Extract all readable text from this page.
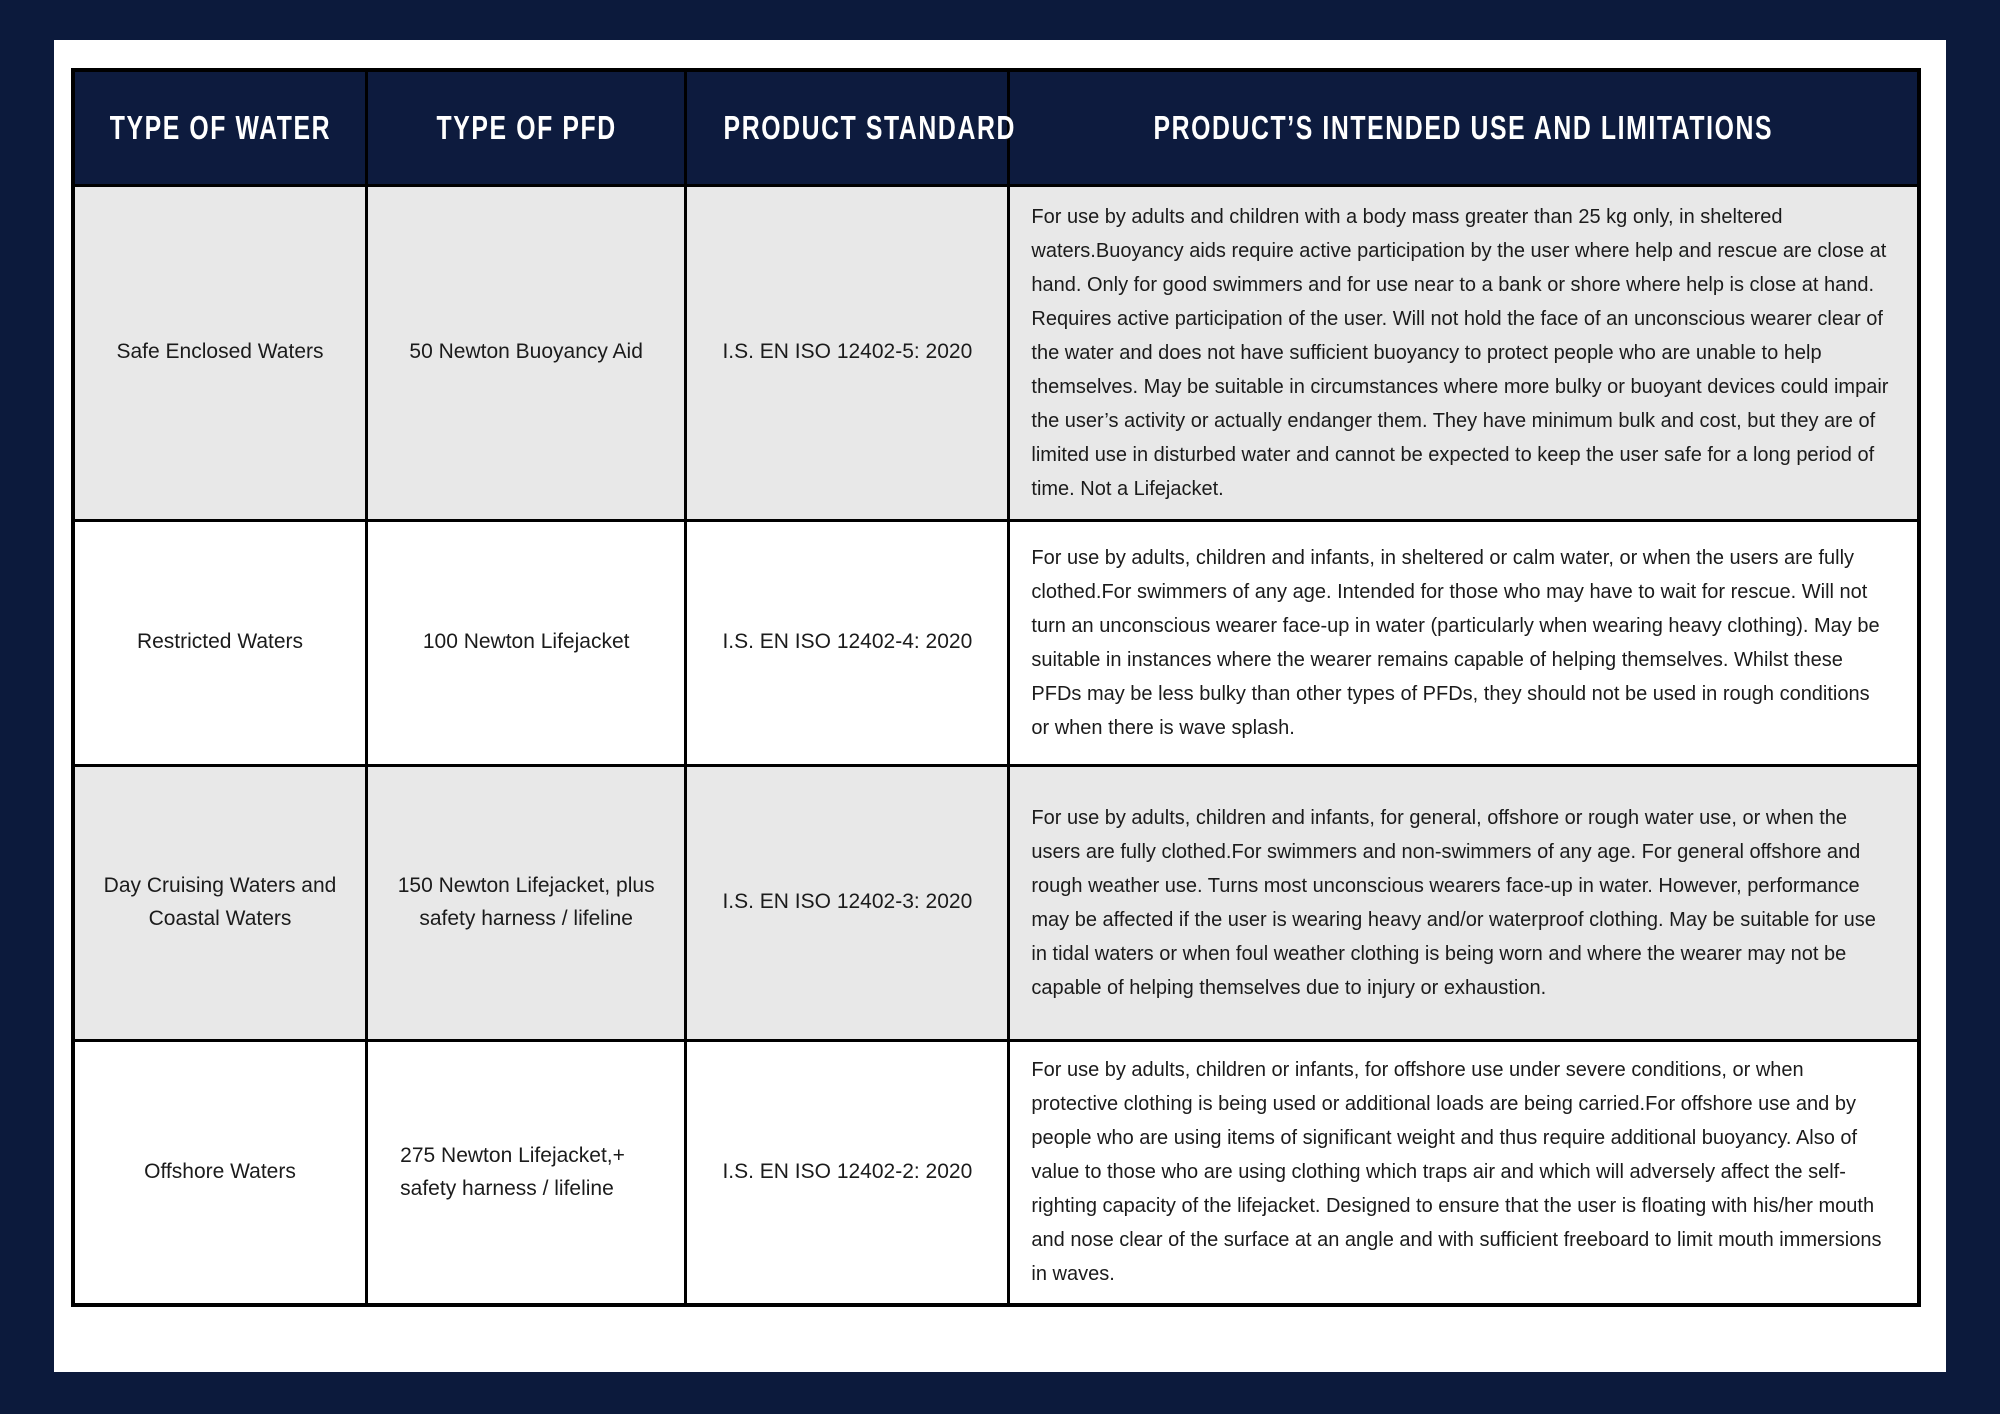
TYPE OF WATER	TYPE OF PFD	PRODUCT STANDARD	PRODUCT’S INTENDED USE AND LIMITATIONS
Safe Enclosed Waters	50 Newton Buoyancy Aid	I.S. EN ISO 12402-5: 2020	For use by adults and children with a body mass greater than 25 kg only, in sheltered waters.Buoyancy aids require active participation by the user where help and rescue are close at hand. Only for good swimmers and for use near to a bank or shore where help is close at hand. Requires active participation of the user. Will not hold the face of an unconscious wearer clear of the water and does not have sufficient buoyancy to protect people who are unable to help themselves. May be suitable in circumstances where more bulky or buoyant devices could impair the user’s activity or actually endanger them. They have minimum bulk and cost, but they are of limited use in disturbed water and cannot be expected to keep the user safe for a long period of time. Not a Lifejacket.
Restricted Waters	100 Newton Lifejacket	I.S. EN ISO 12402-4: 2020	For use by adults, children and infants, in sheltered or calm water, or when the users are fully clothed.For swimmers of any age. Intended for those who may have to wait for rescue. Will not turn an unconscious wearer face-up in water (particularly when wearing heavy clothing). May be suitable in instances where the wearer remains capable of helping themselves. Whilst these PFDs may be less bulky than other types of PFDs, they should not be used in rough conditions or when there is wave splash.
Day Cruising Waters and Coastal Waters	150 Newton Lifejacket, plus safety harness / lifeline	I.S. EN ISO 12402-3: 2020	For use by adults, children and infants, for general, offshore or rough water use, or when the users are fully clothed.For swimmers and non-swimmers of any age. For general offshore and rough weather use. Turns most unconscious wearers face-up in water. However, performance may be affected if the user is wearing heavy and/or waterproof clothing. May be suitable for use in tidal waters or when foul weather clothing is being worn and where the wearer may not be capable of helping themselves due to injury or exhaustion.
Offshore Waters	275 Newton Lifejacket,+ safety harness / lifeline	I.S. EN ISO 12402-2: 2020	For use by adults, children or infants, for offshore use under severe conditions, or when protective clothing is being used or additional loads are being carried.For offshore use and by people who are using items of significant weight and thus require additional buoyancy. Also of value to those who are using clothing which traps air and which will adversely affect the self-righting capacity of the lifejacket. Designed to ensure that the user is floating with his/her mouth and nose clear of the surface at an angle and with sufficient freeboard to limit mouth immersions in waves.
